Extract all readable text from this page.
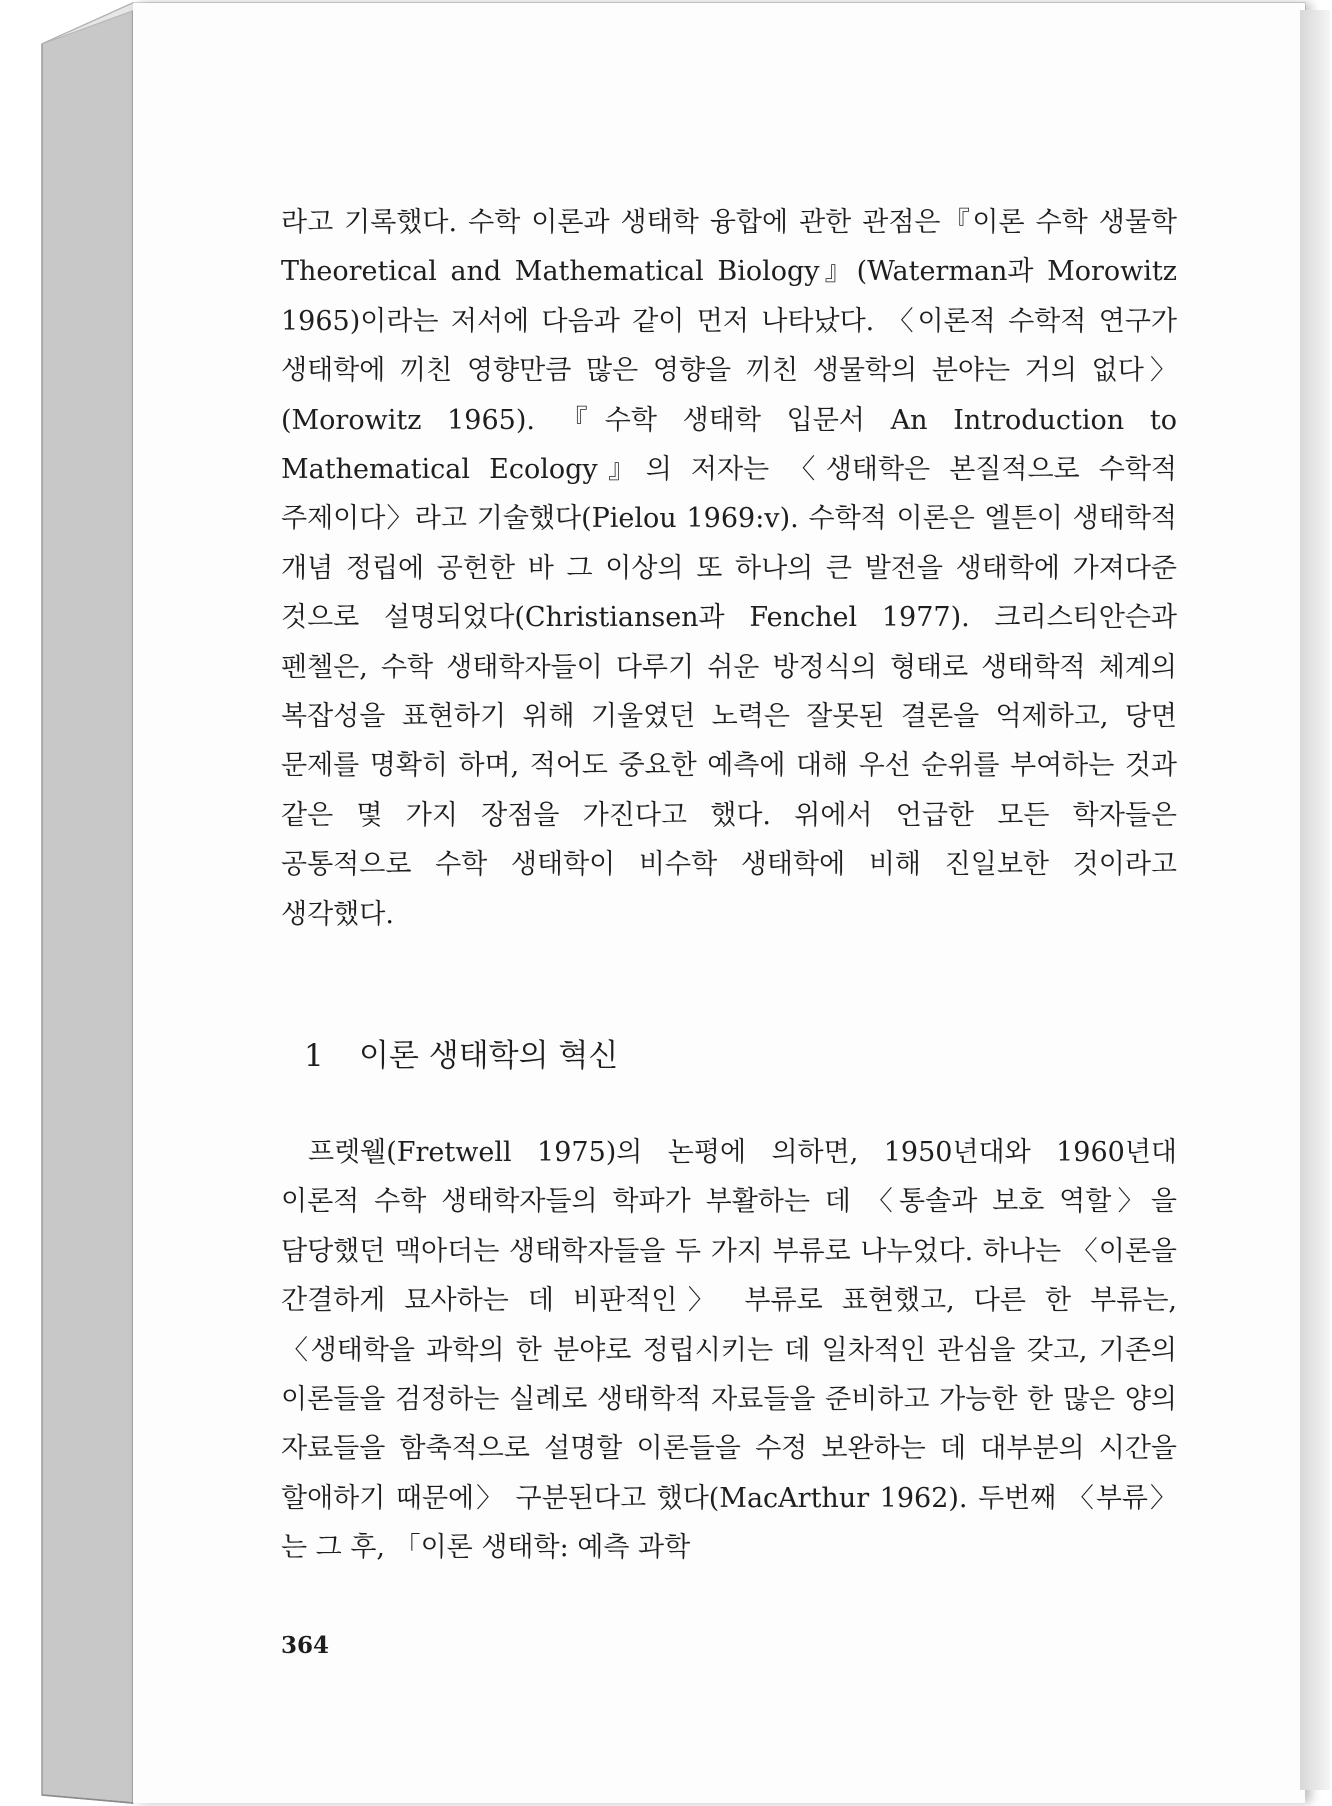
라고 기록했다. 수학 이론과 생태학 융합에 관한 관점은『이론 수학 생물학 Theoretical and Mathematical Biology』(Waterman과 Morowitz 1965)이라는 저서에 다음과 같이 먼저 나타났다. 〈이론적 수학적 연구가 생태학에 끼친 영향만큼 많은 영향을 끼친 생물학의 분야는 거의 없다〉(Morowitz 1965). 『수학 생태학 입문서 An Introduction to Mathematical Ecology』의 저자는 〈생태학은 본질적으로 수학적 주제이다〉라고 기술했다(Pielou 1969:v). 수학적 이론은 엘튼이 생태학적 개념 정립에 공헌한 바 그 이상의 또 하나의 큰 발전을 생태학에 가져다준 것으로 설명되었다(Christiansen과 Fenchel 1977). 크리스티안슨과 펜첼은, 수학 생태학자들이 다루기 쉬운 방정식의 형태로 생태학적 체계의 복잡성을 표현하기 위해 기울였던 노력은 잘못된 결론을 억제하고, 당면 문제를 명확히 하며, 적어도 중요한 예측에 대해 우선 순위를 부여하는 것과 같은 몇 가지 장점을 가진다고 했다. 위에서 언급한 모든 학자들은 공통적으로 수학 생태학이 비수학 생태학에 비해 진일보한 것이라고 생각했다.

1 이론 생태학의 혁신

프렛웰(Fretwell 1975)의 논평에 의하면, 1950년대와 1960년대 이론적 수학 생태학자들의 학파가 부활하는 데 〈통솔과 보호 역할〉을 담당했던 맥아더는 생태학자들을 두 가지 부류로 나누었다. 하나는 〈이론을 간결하게 묘사하는 데 비판적인〉 부류로 표현했고, 다른 한 부류는, 〈생태학을 과학의 한 분야로 정립시키는 데 일차적인 관심을 갖고, 기존의 이론들을 검정하는 실례로 생태학적 자료들을 준비하고 가능한 한 많은 양의 자료들을 함축적으로 설명할 이론들을 수정 보완하는 데 대부분의 시간을 할애하기 때문에〉 구분된다고 했다(MacArthur 1962). 두번째 〈부류〉는 그 후, 「이론 생태학: 예측 과학

364
